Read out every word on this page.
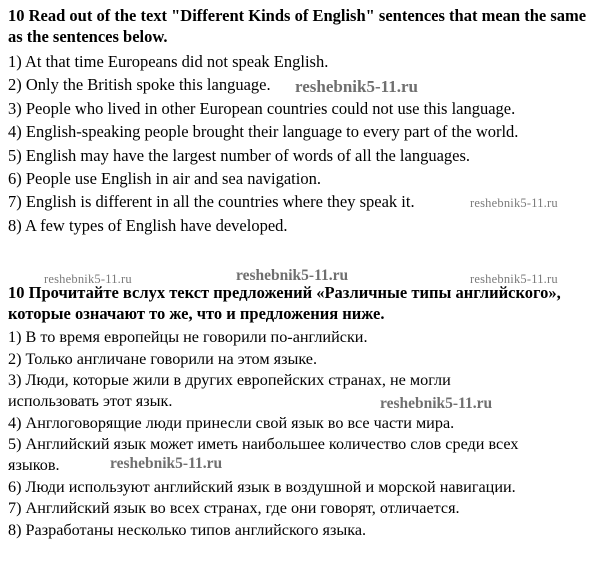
10 Read out of the text "Different Kinds of English" sentences that mean the same as the sentences below.

1) At that time Europeans did not speak English.

2) Only the British spoke this language.

3) People who lived in other European countries could not use this language.

4) English-speaking people brought their language to every part of the world.

5) English may have the largest number of words of all the languages.

6) People use English in air and sea navigation.

7) English is different in all the countries where they speak it.

8) A few types of English have developed.

10 Прочитайте вслух текст предложений «Различные типы английского», которые означают то же, что и предложения ниже.

1) В то время европейцы не говорили по-английски.

2) Только англичане говорили на этом языке.

3) Люди, которые жили в других европейских странах, не могли

использовать этот язык.

4) Англоговорящие люди принесли свой язык во все части мира.

5) Английский язык может иметь наибольшее количество слов среди всех

языков.

6) Люди используют английский язык в воздушной и морской навигации.

7) Английский язык во всех странах, где они говорят, отличается.

8) Разработаны несколько типов английского языка.

reshebnik5-11.ru
reshebnik5-11.ru
reshebnik5-11.ru	reshebnik5-11.ru	reshebnik5-11.ru
reshebnik5-11.ru
reshebnik5-11.ru
